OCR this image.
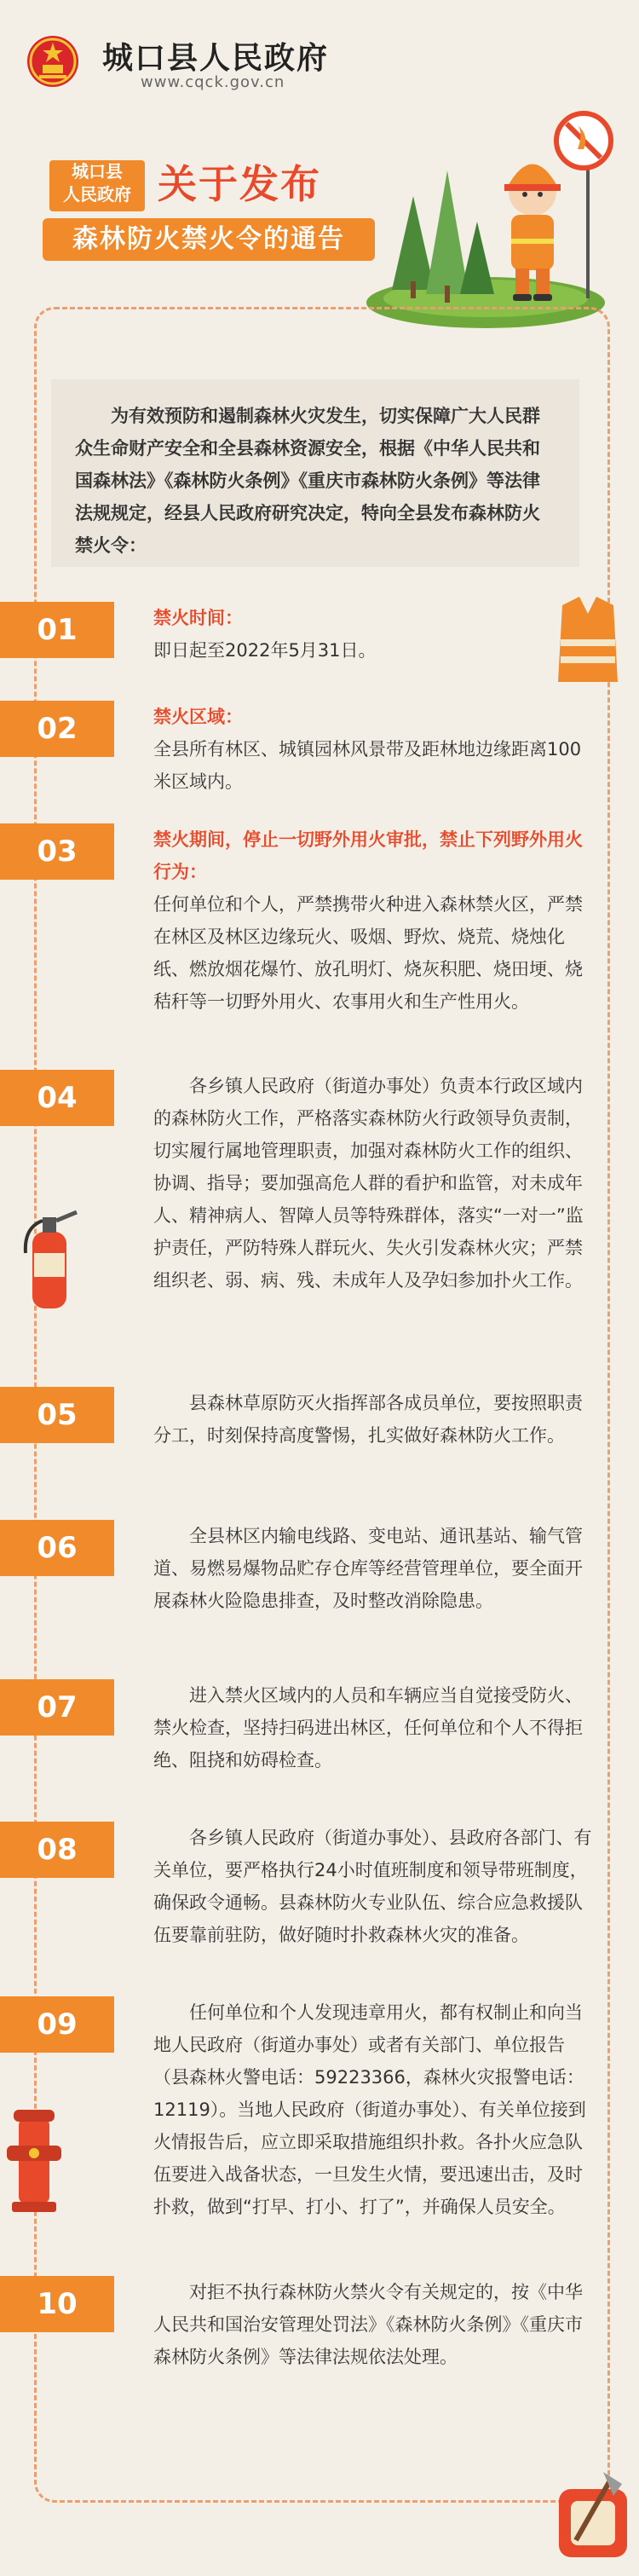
城口县人民政府
www.cqck.gov.cn
城口县
人民政府 关于发布
森林防火禁火令的通告

为有效预防和遏制森林火灾发生，切实保障广大人民群众生命财产安全和全县森林资源安全，根据《中华人民共和国森林法》《森林防火条例》《重庆市森林防火条例》等法律法规规定，经县人民政府研究决定，特向全县发布森林防火禁火令：

01	禁火时间：
即日起至2022年5月31日。
02	禁火区域：
全县所有林区、城镇园林风景带及距林地边缘距离100米区域内。
03	禁火期间，停止一切野外用火审批，禁止下列野外用火行为：
任何单位和个人，严禁携带火种进入森林禁火区，严禁在林区及林区边缘玩火、吸烟、野炊、烧荒、烧烛化纸、燃放烟花爆竹、放孔明灯、烧灰积肥、烧田埂、烧秸秆等一切野外用火、农事用火和生产性用火。
04	各乡镇人民政府（街道办事处）负责本行政区域内的森林防火工作，严格落实森林防火行政领导负责制，切实履行属地管理职责，加强对森林防火工作的组织、协调、指导；要加强高危人群的看护和监管，对未成年人、精神病人、智障人员等特殊群体，落实“一对一”监护责任，严防特殊人群玩火、失火引发森林火灾；严禁组织老、弱、病、残、未成年人及孕妇参加扑火工作。
05	县森林草原防灭火指挥部各成员单位，要按照职责分工，时刻保持高度警惕，扎实做好森林防火工作。
06	全县林区内输电线路、变电站、通讯基站、输气管道、易燃易爆物品贮存仓库等经营管理单位，要全面开展森林火险隐患排查，及时整改消除隐患。
07	进入禁火区域内的人员和车辆应当自觉接受防火、禁火检查，坚持扫码进出林区，任何单位和个人不得拒绝、阻挠和妨碍检查。
08	各乡镇人民政府（街道办事处）、县政府各部门、有关单位，要严格执行24小时值班制度和领导带班制度，确保政令通畅。县森林防火专业队伍、综合应急救援队伍要靠前驻防，做好随时扑救森林火灾的准备。
09	任何单位和个人发现违章用火，都有权制止和向当地人民政府（街道办事处）或者有关部门、单位报告（县森林火警电话：59223366，森林火灾报警电话：12119）。当地人民政府（街道办事处）、有关单位接到火情报告后，应立即采取措施组织扑救。各扑火应急队伍要进入战备状态，一旦发生火情，要迅速出击，及时扑救，做到“打早、打小、打了”，并确保人员安全。
10	对拒不执行森林防火禁火令有关规定的，按《中华人民共和国治安管理处罚法》《森林防火条例》《重庆市森林防火条例》等法律法规依法处理。
